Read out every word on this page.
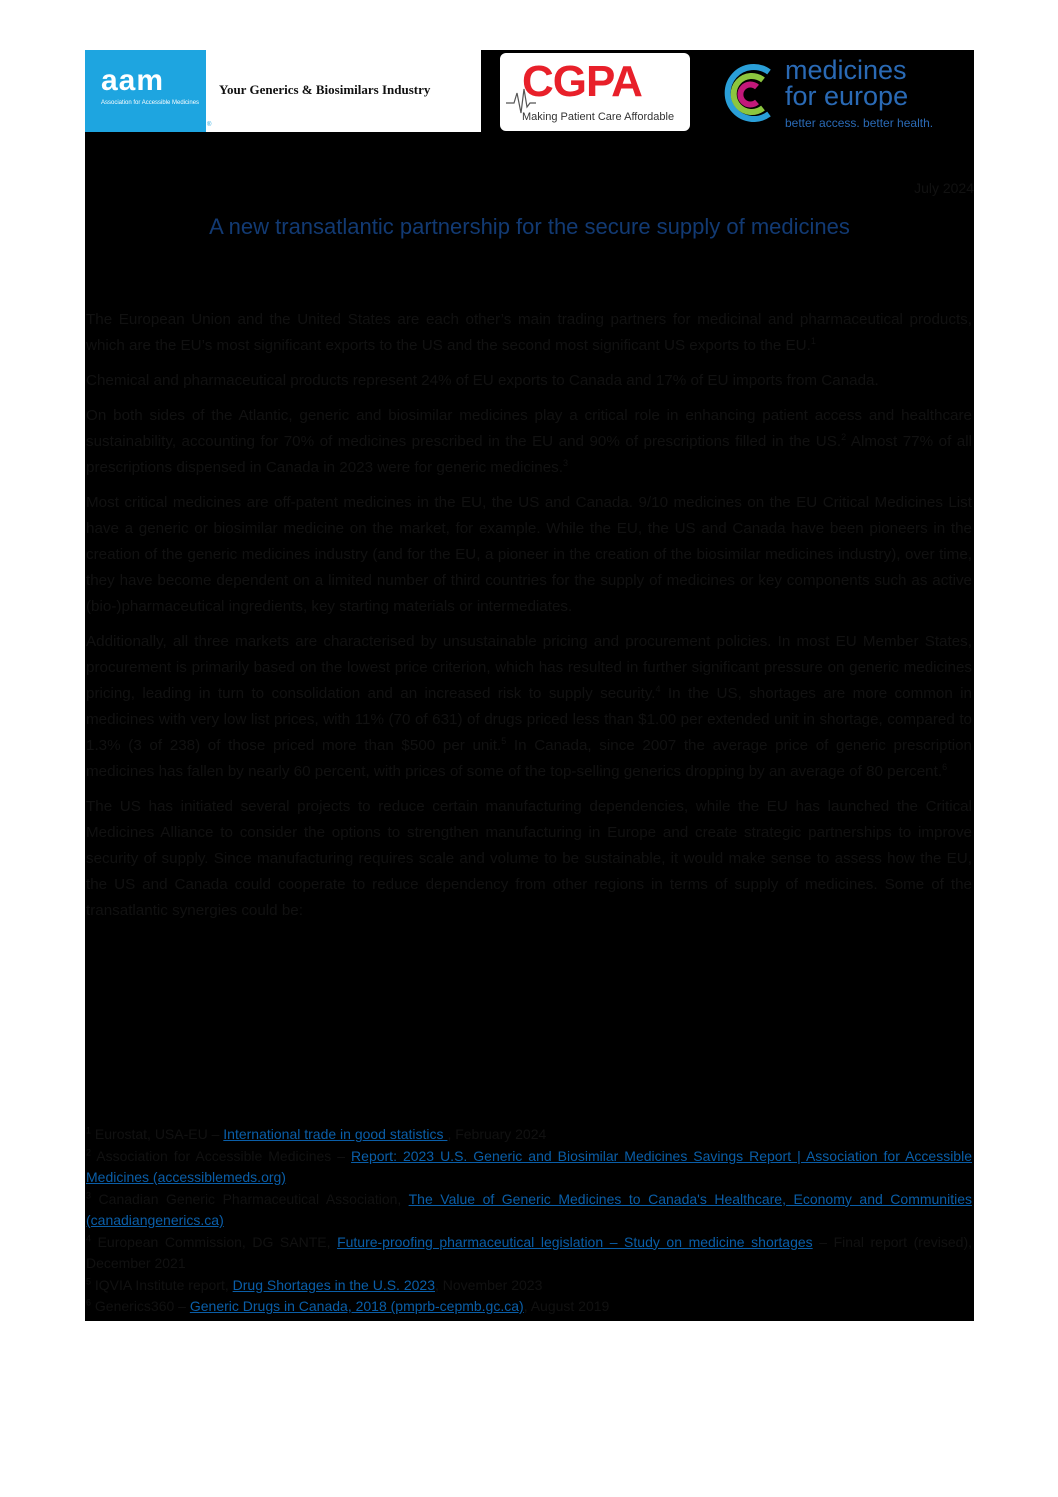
aam
Association for Accessible Medicines
®
Your Generics & Biosimilars Industry CGPA
Making Patient Care Affordable
medicines
for europe
better access. better health.
July 2024
A new transatlantic partnership for the secure supply of medicines

The European Union and the United States are each other’s main trading partners for medicinal and pharmaceutical products, which are the EU’s most significant exports to the US and the second most significant US exports to the EU.$^1$

Chemical and pharmaceutical products represent 24% of EU exports to Canada and 17% of EU imports from Canada.

On both sides of the Atlantic, generic and biosimilar medicines play a critical role in enhancing patient access and healthcare sustainability, accounting for 70% of medicines prescribed in the EU and 90% of prescriptions filled in the US.$^2$ Almost 77% of all prescriptions dispensed in Canada in 2023 were for generic medicines.$^3$

Most critical medicines are off-patent medicines in the EU, the US and Canada. 9/10 medicines on the EU Critical Medicines List have a generic or biosimilar medicine on the market, for example. While the EU, the US and Canada have been pioneers in the creation of the generic medicines industry (and for the EU, a pioneer in the creation of the biosimilar medicines industry), over time, they have become dependent on a limited number of third countries for the supply of medicines or key components such as active (bio-)pharmaceutical ingredients, key starting materials or intermediates.

Additionally, all three markets are characterised by unsustainable pricing and procurement policies. In most EU Member States, procurement is primarily based on the lowest price criterion, which has resulted in further significant pressure on generic medicines pricing, leading in turn to consolidation and an increased risk to supply security.$^4$ In the US, shortages are more common in medicines with very low list prices, with 11% (70 of 631) of drugs priced less than $1.00 per extended unit in shortage, compared to 1.3% (3 of 238) of those priced more than $500 per unit.$^5$ In Canada, since 2007 the average price of generic prescription medicines has fallen by nearly 60 percent, with prices of some of the top-selling generics dropping by an average of 80 percent.$^6$

The US has initiated several projects to reduce certain manufacturing dependencies, while the EU has launched the Critical Medicines Alliance to consider the options to strengthen manufacturing in Europe and create strategic partnerships to improve security of supply. Since manufacturing requires scale and volume to be sustainable, it would make sense to assess how the EU, the US and Canada could cooperate to reduce dependency from other regions in terms of supply of medicines. Some of the transatlantic synergies could be:

$^1$ Eurostat, USA-EU – International trade in good statistics , February 2024
$^2$ Association for Accessible Medicines – Report: 2023 U.S. Generic and Biosimilar Medicines Savings Report | Association for Accessible Medicines (accessiblemeds.org)
$^3$ Canadian Generic Pharmaceutical Association, The Value of Generic Medicines to Canada's Healthcare, Economy and Communities (canadiangenerics.ca)
$^4$ European Commission, DG SANTE, Future-proofing pharmaceutical legislation – Study on medicine shortages – Final report (revised), December 2021
$^5$ IQVIA Institute report, Drug Shortages in the U.S. 2023, November 2023
$^6$ Generics360 – Generic Drugs in Canada, 2018 (pmprb-cepmb.gc.ca), August 2019
